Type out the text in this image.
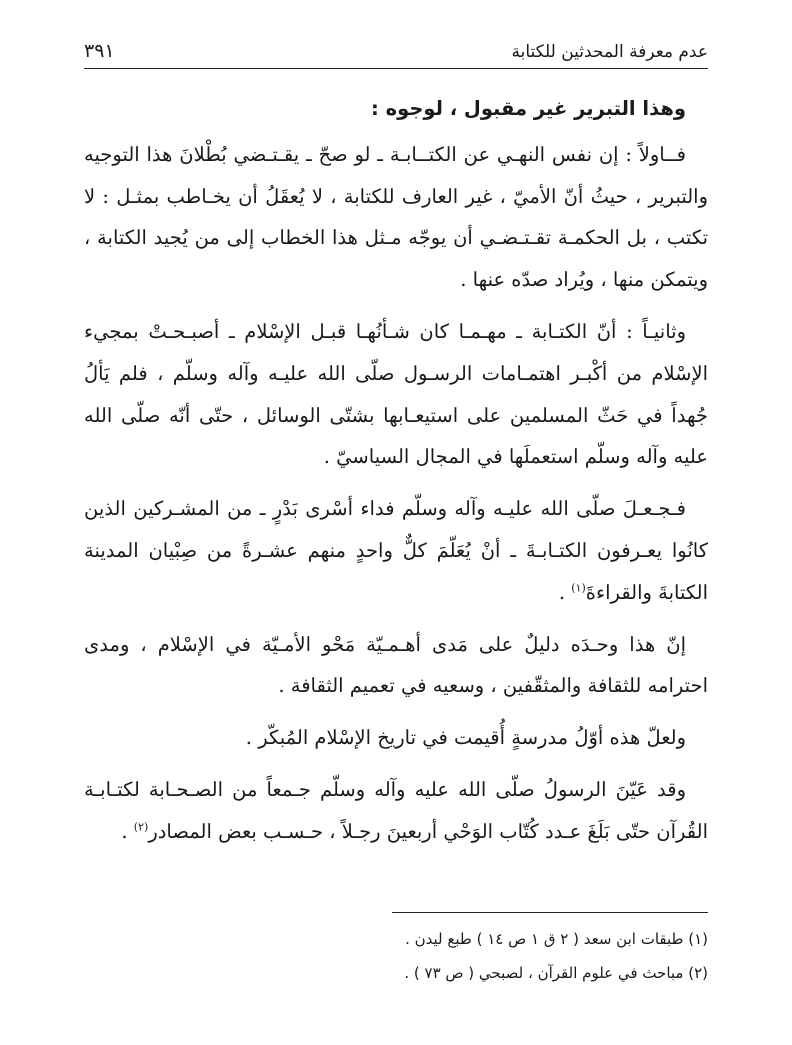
عدم معرفة المحدثين للكتابة
٣٩١

وهذا التبرير غير مقبول ، لوجوه :

فــاولاً : إن نفس النهـي عن الكتــابـة ـ لو صحّ ـ يقـتـضي بُطْلانَ هذا التوجيه والتبرير ، حيثُ أنّ الأميّ ، غير العارف للكتابة ، لا يُعقَلُ أن يخـاطب بمثـل : لا تكتب ، بل الحكمـة تقـتـضـي أن يوجّه مـثل هذا الخطاب إلى من يُجيد الكتابة ، ويتمكن منها ، ويُراد صدّه عنها .

وثانيـاً : أنّ الكتـابة ـ مهـمـا كان شـأنُهـا قبـل الإسْلام ـ أصبـحـتْ بمجيء الإسْلام من أكْبـر اهتمـامات الرسـول صلّى الله عليـه وآله وسلّم ، فلم يَألُ جُهداً في حَثّ المسلمين على استيعـابها بشتّى الوسائل ، حتّى أنّه صلّى الله عليه وآله وسلّم استعملَها في المجال السياسيّ .

فـجـعـلَ صلّى الله عليـه وآله وسلّم فداء أسْرى بَدْرٍ ـ من المشـركين الذين كانُوا يعـرفون الكتـابـةَ ـ أنْ يُعَلّمَ كلٌّ واحدٍ منهم عشـرةً من صِبْيان المدينة الكتابةَ والقراءةَ$^{(١)}$ .

إنّ هذا وحـدَه دليلٌ على مَدى أهـمـيّة مَحْو الأمـيّة في الإسْلام ، ومدى احترامه للثقافة والمثقّفين ، وسعيه في تعميم الثقافة .

ولعلّ هذه أوّلُ مدرسةٍ أُقيمت في تاريخ الإسْلام المُبكّر .

وقد عَيّنَ الرسولُ صلّى الله عليه وآله وسلّم جـمعاً من الصـحـابة لكتـابـة القُرآن حتّى بَلَغَ عـدد كُتّاب الوَحْي أربعينَ رجـلاً ، حـسـب بعض المصادر$^{(٢)}$ .

(١) طبقات ابن سعد ( ٢ ق ١ ص ١٤ ) طبع ليدن .
(٢) مباحث في علوم القرآن ، لصبحي ( ص ٧٣ ) .
